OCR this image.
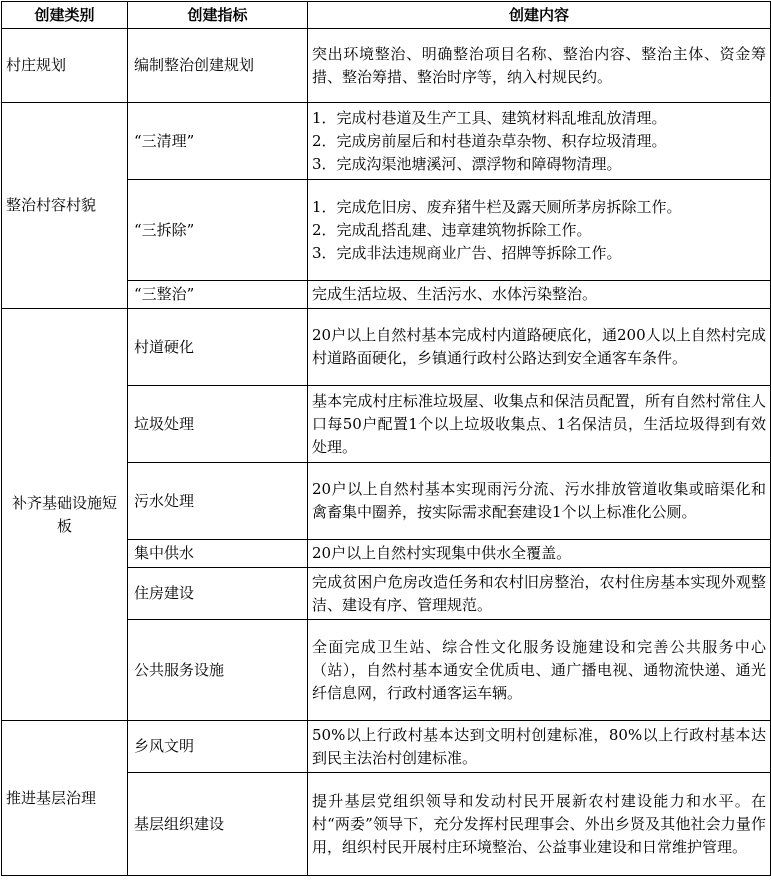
创建类别	创建指标	创建内容
村庄规划	编制整治创建规划	突出环境整治、明确整治项目名称、整治内容、整治主体、资金筹措、整治筹措、整治时序等，纳入村规民约。
整治村容村貌	“三清理”	1．完成村巷道及生产工具、建筑材料乱堆乱放清理。
2．完成房前屋后和村巷道杂草杂物、积存垃圾清理。
3．完成沟渠池塘溪河、漂浮物和障碍物清理。

	“三拆除”	1．完成危旧房、废弃猪牛栏及露天厕所茅房拆除工作。
2．完成乱搭乱建、违章建筑物拆除工作。
3．完成非法违规商业广告、招牌等拆除工作。

	“三整治”	完成生活垃圾、生活污水、水体污染整治。
补齐基础设施短板	村道硬化	20户以上自然村基本完成村内道路硬底化，通200人以上自然村完成村道路面硬化，乡镇通行政村公路达到安全通客车条件。
	垃圾处理	基本完成村庄标准垃圾屋、收集点和保洁员配置，所有自然村常住人口每50户配置1个以上垃圾收集点、1名保洁员，生活垃圾得到有效处理。
	污水处理	20户以上自然村基本实现雨污分流、污水排放管道收集或暗渠化和禽畜集中圈养，按实际需求配套建设1个以上标准化公厕。
	集中供水	20户以上自然村实现集中供水全覆盖。
	住房建设	完成贫困户危房改造任务和农村旧房整治，农村住房基本实现外观整洁、建设有序、管理规范。
	公共服务设施	全面完成卫生站、综合性文化服务设施建设和完善公共服务中心（站），自然村基本通安全优质电、通广播电视、通物流快递、通光纤信息网，行政村通客运车辆。
推进基层治理	乡风文明	50%以上行政村基本达到文明村创建标准，80%以上行政村基本达到民主法治村创建标准。
	基层组织建设	提升基层党组织领导和发动村民开展新农村建设能力和水平。在村“两委”领导下，充分发挥村民理事会、外出乡贤及其他社会力量作用，组织村民开展村庄环境整治、公益事业建设和日常维护管理。
